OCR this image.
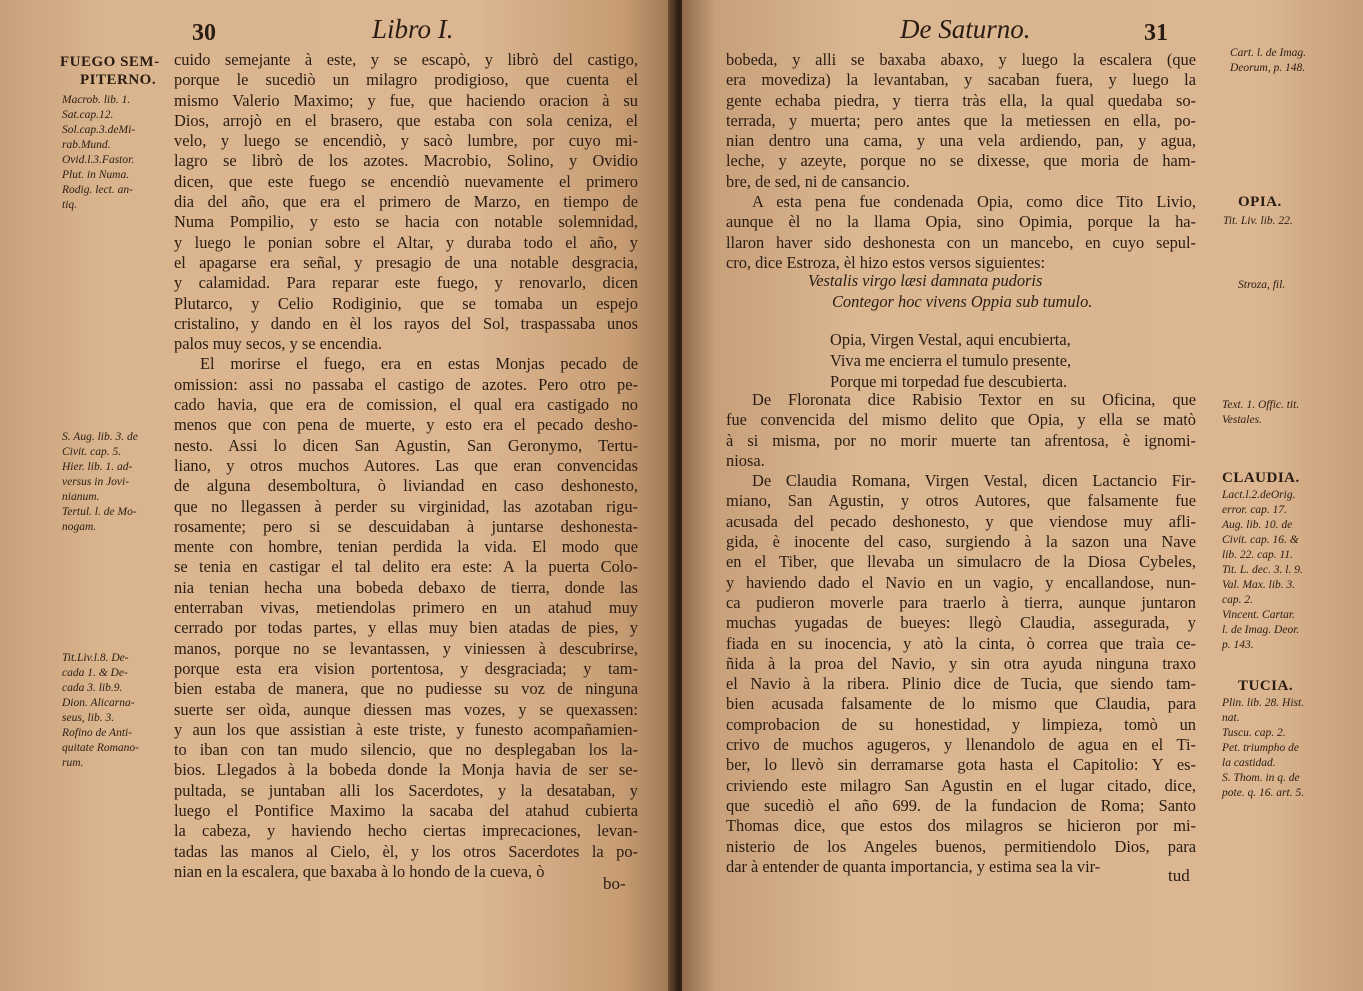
30	Libro I.
FUEGO SEM-
PITERNO.
Macrob. lib. 1.
Sat.cap.12.
Sol.cap.3.deMi-
rab.Mund.
Ovid.l.3.Fastor.
Plut. in Numa.
Rodig. lect. an-
tiq.
S. Aug. lib. 3. de
Civit. cap. 5.
Hier. lib. 1. ad-
versus in Jovi-
nianum.
Tertul. l. de Mo-
nogam.
Tit.Liv.l.8. De-
cada 1. & De-
cada 3. lib.9.
Dion. Alicarna-
seus, lib. 3.
Rofino de Anti-
quitate Romano-
rum.
cuido semejante à este, y se escapò, y librò del castigo,
porque le sucediò un milagro prodigioso, que cuenta el
mismo Valerio Maximo; y fue, que haciendo oracion à su
Dios, arrojò en el brasero, que estaba con sola ceniza, el
velo, y luego se encendiò, y sacò lumbre, por cuyo mi-
lagro se librò de los azotes. Macrobio, Solino, y Ovidio
dicen, que este fuego se encendiò nuevamente el primero
dia del año, que era el primero de Marzo, en tiempo de
Numa Pompilio, y esto se hacia con notable solemnidad,
y luego le ponian sobre el Altar, y duraba todo el año, y
el apagarse era señal, y presagio de una notable desgracia,
y calamidad. Para reparar este fuego, y renovarlo, dicen
Plutarco, y Celio Rodiginio, que se tomaba un espejo
cristalino, y dando en èl los rayos del Sol, traspassaba unos
palos muy secos, y se encendia.
El morirse el fuego, era en estas Monjas pecado de
omission: assi no passaba el castigo de azotes. Pero otro pe-
cado havia, que era de comission, el qual era castigado no
menos que con pena de muerte, y esto era el pecado desho-
nesto. Assi lo dicen San Agustin, San Geronymo, Tertu-
liano, y otros muchos Autores. Las que eran convencidas
de alguna desemboltura, ò liviandad en caso deshonesto,
que no llegassen à perder su virginidad, las azotaban rigu-
rosamente; pero si se descuidaban à juntarse deshonesta-
mente con hombre, tenian perdida la vida. El modo que
se tenia en castigar el tal delito era este: A la puerta Colo-
nia tenian hecha una bobeda debaxo de tierra, donde las
enterraban vivas, metiendolas primero en un atahud muy
cerrado por todas partes, y ellas muy bien atadas de pies, y
manos, porque no se levantassen, y viniessen à descubrirse,
porque esta era vision portentosa, y desgraciada; y tam-
bien estaba de manera, que no pudiesse su voz de ninguna
suerte ser oìda, aunque diessen mas vozes, y se quexassen:
y aun los que assistian à este triste, y funesto acompañamien-
to iban con tan mudo silencio, que no desplegaban los la-
bios. Llegados à la bobeda donde la Monja havia de ser se-
pultada, se juntaban alli los Sacerdotes, y la desataban, y
luego el Pontifice Maximo la sacaba del atahud cubierta
la cabeza, y haviendo hecho ciertas imprecaciones, levan-
tadas las manos al Cielo, èl, y los otros Sacerdotes la po-
nian en la escalera, que baxaba à lo hondo de la cueva, ò
bo-
De Saturno.	31
Cart. l. de Imag.
Deorum, p. 148.
bobeda, y alli se baxaba abaxo, y luego la escalera (que
era movediza) la levantaban, y sacaban fuera, y luego la
gente echaba piedra, y tierra tràs ella, la qual quedaba so-
terrada, y muerta; pero antes que la metiessen en ella, po-
nian dentro una cama, y una vela ardiendo, pan, y agua,
leche, y azeyte, porque no se dixesse, que moria de ham-
bre, de sed, ni de cansancio.
A esta pena fue condenada Opia, como dice Tito Livio,
aunque èl no la llama Opia, sino Opimia, porque la ha-
llaron haver sido deshonesta con un mancebo, en cuyo sepul-
cro, dice Estroza, èl hizo estos versos siguientes:
Vestalis virgo læsi damnata pudoris
Contegor hoc vivens Oppia sub tumulo.
Opia, Virgen Vestal, aqui encubierta,
Viva me encierra el tumulo presente,
Porque mi torpedad fue descubierta.
De Floronata dice Rabisio Textor en su Oficina, que
fue convencida del mismo delito que Opia, y ella se matò
à si misma, por no morir muerte tan afrentosa, è ignomi-
niosa.
De Claudia Romana, Virgen Vestal, dicen Lactancio Fir-
miano, San Agustin, y otros Autores, que falsamente fue
acusada del pecado deshonesto, y que viendose muy afli-
gida, è inocente del caso, surgiendo à la sazon una Nave
en el Tiber, que llevaba un simulacro de la Diosa Cybeles,
y haviendo dado el Navio en un vagio, y encallandose, nun-
ca pudieron moverle para traerlo à tierra, aunque juntaron
muchas yugadas de bueyes: llegò Claudia, assegurada, y
fiada en su inocencia, y atò la cinta, ò correa que traìa ce-
ñida à la proa del Navio, y sin otra ayuda ninguna traxo
el Navio à la ribera. Plinio dice de Tucia, que siendo tam-
bien acusada falsamente de lo mismo que Claudia, para
comprobacion de su honestidad, y limpieza, tomò un
crivo de muchos agugeros, y llenandolo de agua en el Ti-
ber, lo llevò sin derramarse gota hasta el Capitolio: Y es-
criviendo este milagro San Agustin en el lugar citado, dice,
que sucediò el año 699. de la fundacion de Roma; Santo
Thomas dice, que estos dos milagros se hicieron por mi-
nisterio de los Angeles buenos, permitiendolo Dios, para
dar à entender de quanta importancia, y estima sea la vir-	tud
OPIA.
Tit. Liv. lib. 22.
Stroza, fil.
Text. 1. Offic. tit.
Vestales.
CLAUDIA.
Lact.l.2.deOrig.
error. cap. 17.
Aug. lib. 10. de
Civit. cap. 16. &
lib. 22. cap. 11.
Tit. L. dec. 3. l. 9.
Val. Max. lib. 3.
cap. 2.
Vincent. Cartar.
l. de Imag. Deor.
p. 143.
TUCIA.
Plin. lib. 28. Hist.
nat.
Tuscu. cap. 2.
Pet. triumpho de
la castidad.
S. Thom. in q. de
pote. q. 16. art. 5.
